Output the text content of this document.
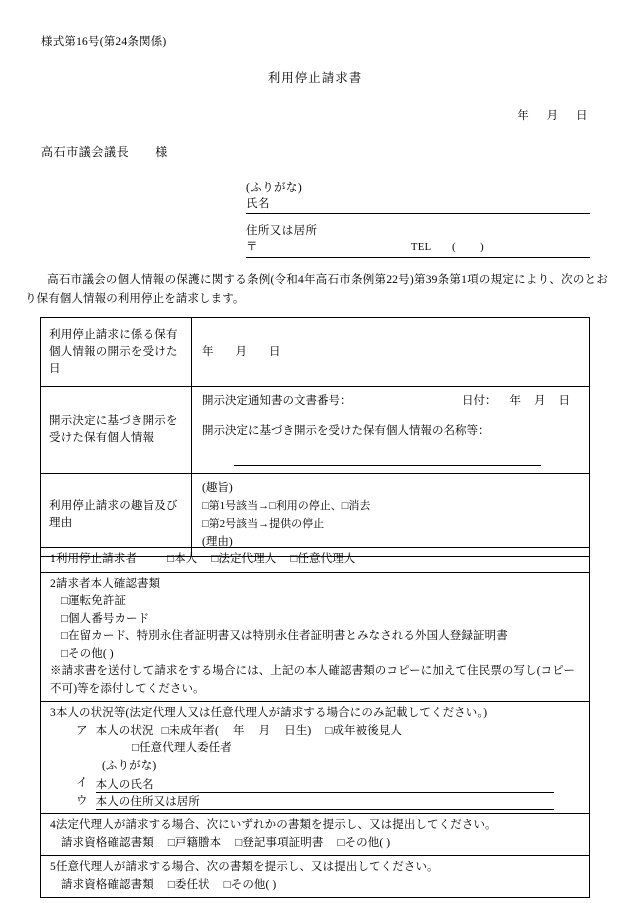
様式第16号(第24条関係)
利用停止請求書
年 月 日
高石市議会議長 様
(ふりがな)
氏名
住所又は居所
〒	TEL ( )
高石市議会の個人情報の保護に関する条例(令和4年高石市条例第22号)第39条第1項の規定により、次のとおり保有個人情報の利用停止を請求します。
利用停止請求に係る保有個人情報の開示を受けた日	年 月 日
開示決定に基づき開示を受けた保有個人情報	開示決定通知書の文書番号： 日付： 年 月 日
開示決定に基づき開示を受けた保有個人情報の名称等：

利用停止請求の趣旨及び理由	(趣旨)
□第1号該当→□利用の停止、□消去
□第2号該当→提供の停止
(理由)
1利用停止請求者	□本人 □法定代理人 □任意代理人

2請求者本人確認書類
□運転免許証
□個人番号カード
□在留カード、特別永住者証明書又は特別永住者証明書とみなされる外国人登録証明書
□その他( )
※請求書を送付して請求をする場合には、上記の本人確認書類のコピーに加えて住民票の写し(コピー不可)等を添付してください。

3本人の状況等(法定代理人又は任意代理人が請求する場合にのみ記載してください。)
ア 本人の状況 □未成年者( 年 月 日生) □成年被後見人
□任意代理人委任者
(ふりがな)
イ 本人の氏名
ウ 本人の住所又は居所

4法定代理人が請求する場合、次にいずれかの書類を提示し、又は提出してください。
請求資格確認書類 □戸籍謄本 □登記事項証明書 □その他( )

5任意代理人が請求する場合、次の書類を提示し、又は提出してください。
請求資格確認書類 □委任状 □その他( )
